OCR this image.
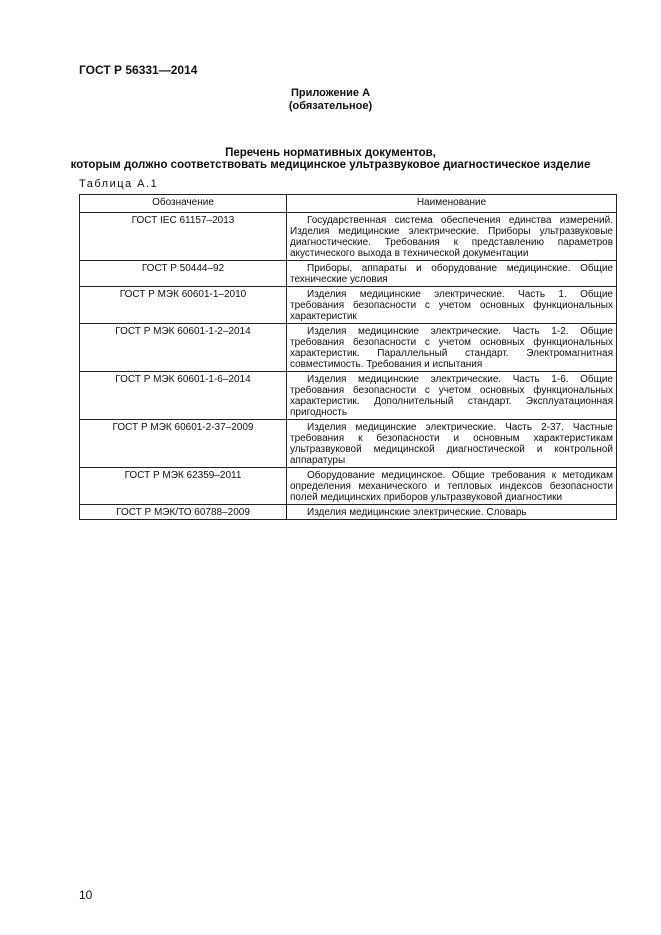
ГОСТ Р 56331—2014
Приложение А
(обязательное)
Перечень нормативных документов,
которым должно соответствовать медицинское ультразвуковое диагностическое изделие
Таблица А.1
Обозначение	Наименование
ГОСТ IEC 61157–2013	Государственная система обеспечения единства измерений. Изделия медицинские электрические. Приборы ультразвуковые диагностические. Требования к представлению параметров акустического выхода в технической документации
ГОСТ Р 50444–92	Приборы, аппараты и оборудование медицинские. Общие технические условия
ГОСТ Р МЭК 60601-1–2010	Изделия медицинские электрические. Часть 1. Общие требования безопасности с учетом основных функциональных характеристик
ГОСТ Р МЭК 60601-1-2–2014	Изделия медицинские электрические. Часть 1-2. Общие требования безопасности с учетом основных функциональных характеристик. Параллельный стандарт. Электромагнитная совместимость. Требования и испытания
ГОСТ Р МЭК 60601-1-6–2014	Изделия медицинские электрические. Часть 1-6. Общие требования безопасности с учетом основных функциональных характеристик. Дополнительный стандарт. Эксплуатационная пригодность
ГОСТ Р МЭК 60601-2-37–2009	Изделия медицинские электрические. Часть 2-37. Частные требования к безопасности и основным характеристикам ультразвуковой медицинской диагностической и контрольной аппаратуры
ГОСТ Р МЭК 62359–2011	Оборудование медицинское. Общие требования к методикам определения механического и тепловых индексов безопасности полей медицинских приборов ультразвуковой диагностики
ГОСТ Р МЭК/ТО 60788–2009	Изделия медицинские электрические. Словарь
10
